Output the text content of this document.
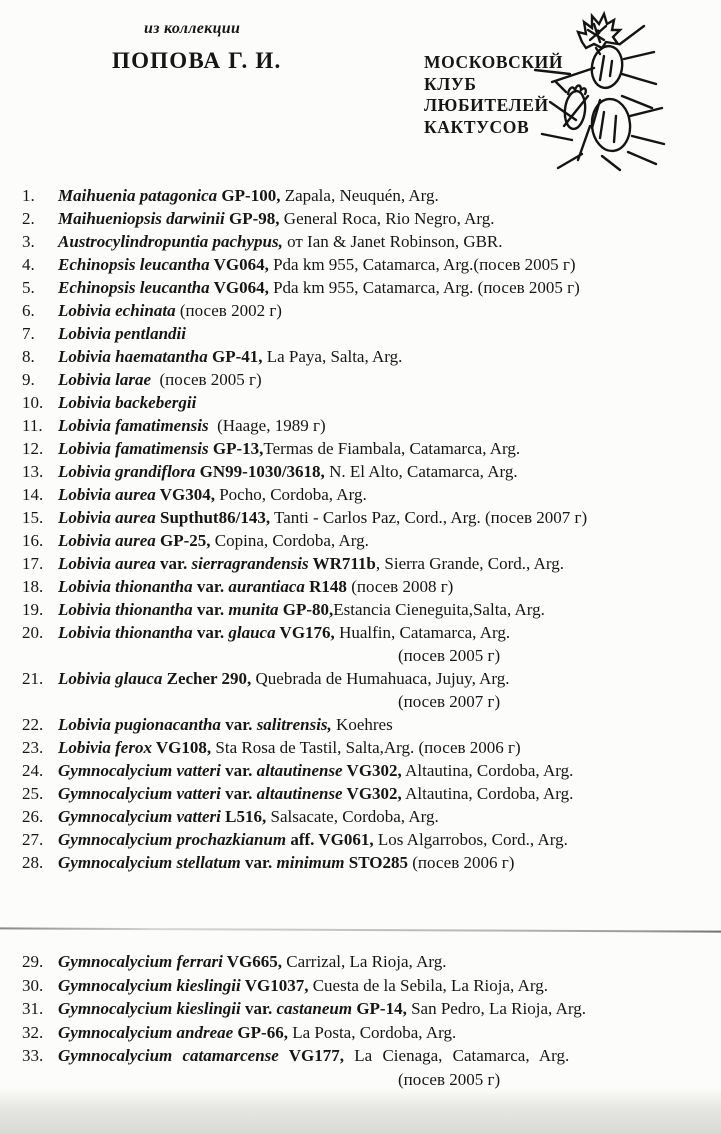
из коллекции
ПОПОВА Г. И.	МОСКОВСКИЙ
КЛУБ
ЛЮБИТЕЛЕЙ
КАКТУСОВ
1.	Maihuenia patagonica GP-100, Zapala, Neuquén, Arg.
2.	Maihueniopsis darwinii GP-98, General Roca, Rio Negro, Arg.
3.	Austrocylindropuntia pachypus, от Ian & Janet Robinson, GBR.
4.	Echinopsis leucantha VG064, Pda km 955, Catamarca, Arg.(посев 2005 г)
5.	Echinopsis leucantha VG064, Pda km 955, Catamarca, Arg. (посев 2005 г)
6.	Lobivia echinata (посев 2002 г)
7.	Lobivia pentlandii
8.	Lobivia haematantha GP-41, La Paya, Salta, Arg.
9.	Lobivia larae  (посев 2005 г)
10. Lobivia backebergii
11. Lobivia famatimensis  (Haage, 1989 г)
12. Lobivia famatimensis GP-13,Termas de Fiambala, Catamarca, Arg.
13. Lobivia grandiflora GN99-1030/3618, N. El Alto, Catamarca, Arg.
14. Lobivia aurea VG304, Pocho, Cordoba, Arg.
15. Lobivia aurea Supthut86/143, Tanti - Carlos Paz, Cord., Arg. (посев 2007 г)
16. Lobivia aurea GP-25, Copina, Cordoba, Arg.
17. Lobivia aurea var. sierragrandensis WR711b, Sierra Grande, Cord., Arg.
18. Lobivia thionantha var. aurantiaca R148 (посев 2008 г)
19. Lobivia thionantha var. munita GP-80,Estancia Cieneguita,Salta, Arg.
20. Lobivia thionantha var. glauca VG176, Hualfin, Catamarca, Arg.
(посев 2005 г)
21. Lobivia glauca Zecher 290, Quebrada de Humahuaca, Jujuy, Arg.
(посев 2007 г)
22. Lobivia pugionacantha var. salitrensis, Koehres
23. Lobivia ferox VG108, Sta Rosa de Tastil, Salta,Arg. (посев 2006 г)
24. Gymnocalycium vatteri var. altautinense VG302, Altautina, Cordoba, Arg.
25. Gymnocalycium vatteri var. altautinense VG302, Altautina, Cordoba, Arg.
26. Gymnocalycium vatteri L516, Salsacate, Cordoba, Arg.
27. Gymnocalycium prochazkianum aff. VG061, Los Algarrobos, Cord., Arg.
28. Gymnocalycium stellatum var. minimum STO285 (посев 2006 г)
29. Gymnocalycium ferrari VG665, Carrizal, La Rioja, Arg.
30. Gymnocalycium kieslingii VG1037, Cuesta de la Sebila, La Rioja, Arg.
31. Gymnocalycium kieslingii var. castaneum GP-14, San Pedro, La Rioja, Arg.
32. Gymnocalycium andreae GP-66, La Posta, Cordoba, Arg.
33. Gymnocalycium catamarcense VG177, La Cienaga, Catamarca, Arg.
(посев 2005 г)
